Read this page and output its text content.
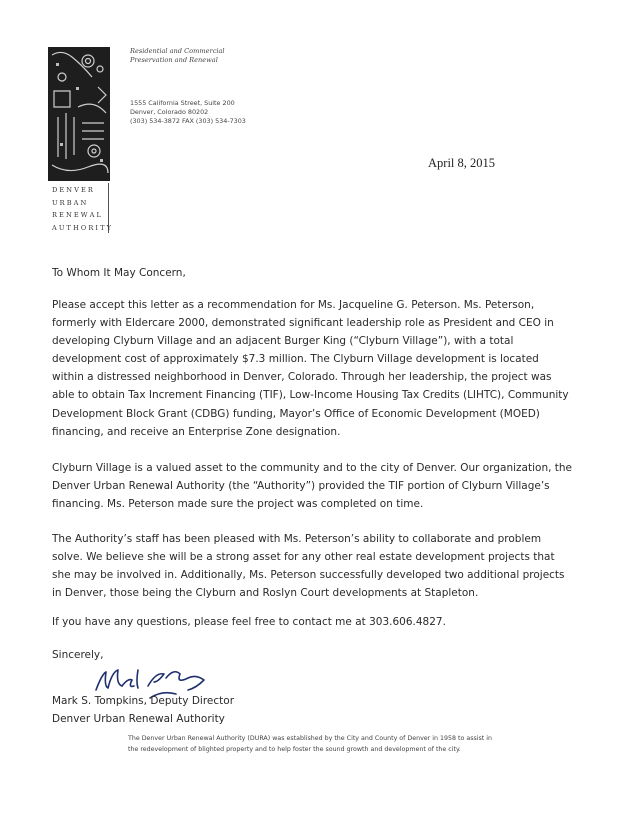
D E N V E R
U R B A N
R E N E W A L
A U T H O R I T Y
Residential and Commercial
Preservation and Renewal
1555 California Street, Suite 200
Denver, Colorado 80202
(303) 534-3872 FAX (303) 534-7303
April 8, 2015
To Whom It May Concern,

Please accept this letter as a recommendation for Ms. Jacqueline G. Peterson. Ms. Peterson, formerly with Eldercare 2000, demonstrated significant leadership role as President and CEO in developing Clyburn Village and an adjacent Burger King (“Clyburn Village”), with a total development cost of approximately $7.3 million. The Clyburn Village development is located within a distressed neighborhood in Denver, Colorado. Through her leadership, the project was able to obtain Tax Increment Financing (TIF), Low-Income Housing Tax Credits (LIHTC), Community Development Block Grant (CDBG) funding, Mayor’s Office of Economic Development (MOED) financing, and receive an Enterprise Zone designation.

Clyburn Village is a valued asset to the community and to the city of Denver. Our organization, the Denver Urban Renewal Authority (the “Authority”) provided the TIF portion of Clyburn Village’s financing. Ms. Peterson made sure the project was completed on time.

The Authority’s staff has been pleased with Ms. Peterson’s ability to collaborate and problem solve. We believe she will be a strong asset for any other real estate development projects that she may be involved in. Additionally, Ms. Peterson successfully developed two additional projects in Denver, those being the Clyburn and Roslyn Court developments at Stapleton.

If you have any questions, please feel free to contact me at 303.606.4827.

Sincerely,
Mark S. Tompkins, Deputy Director
Denver Urban Renewal Authority
The Denver Urban Renewal Authority (DURA) was established by the City and County of Denver in 1958 to assist in
the redevelopment of blighted property and to help foster the sound growth and development of the city.
